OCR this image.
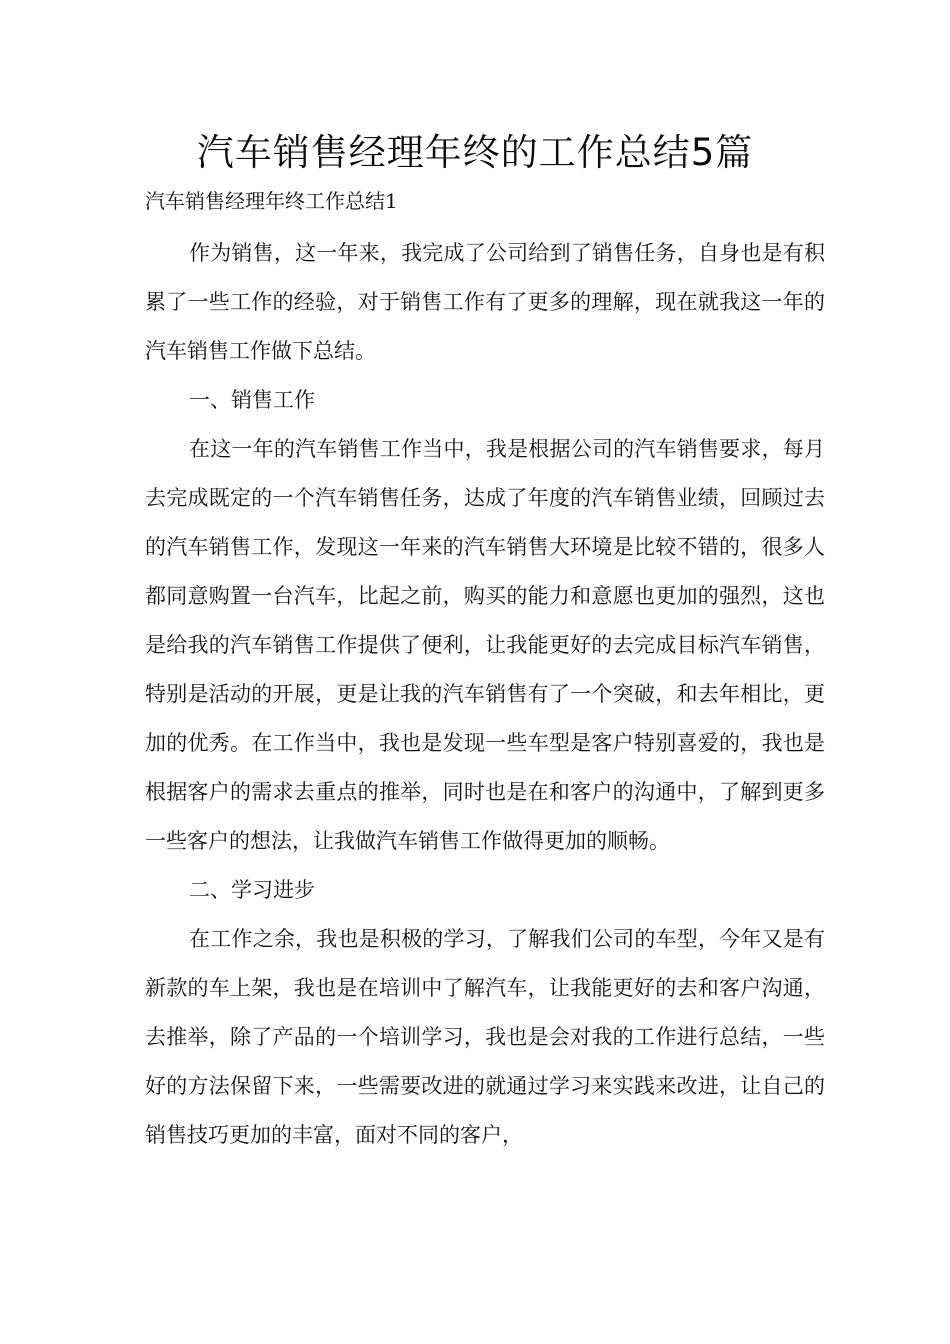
汽车销售经理年终的工作总结5篇

汽车销售经理年终工作总结1

作为销售，这一年来，我完成了公司给到了销售任务，自身也是有积累了一些工作的经验，对于销售工作有了更多的理解，现在就我这一年的汽车销售工作做下总结。

一、销售工作

在这一年的汽车销售工作当中，我是根据公司的汽车销售要求，每月去完成既定的一个汽车销售任务，达成了年度的汽车销售业绩，回顾过去的汽车销售工作，发现这一年来的汽车销售大环境是比较不错的，很多人都同意购置一台汽车，比起之前，购买的能力和意愿也更加的强烈，这也是给我的汽车销售工作提供了便利，让我能更好的去完成目标汽车销售，特别是活动的开展，更是让我的汽车销售有了一个突破，和去年相比，更加的优秀。在工作当中，我也是发现一些车型是客户特别喜爱的，我也是根据客户的需求去重点的推举，同时也是在和客户的沟通中，了解到更多一些客户的想法，让我做汽车销售工作做得更加的顺畅。

二、学习进步

在工作之余，我也是积极的学习，了解我们公司的车型，今年又是有新款的车上架，我也是在培训中了解汽车，让我能更好的去和客户沟通，去推举，除了产品的一个培训学习，我也是会对我的工作进行总结，一些好的方法保留下来，一些需要改进的就通过学习来实践来改进，让自己的销售技巧更加的丰富，面对不同的客户，
